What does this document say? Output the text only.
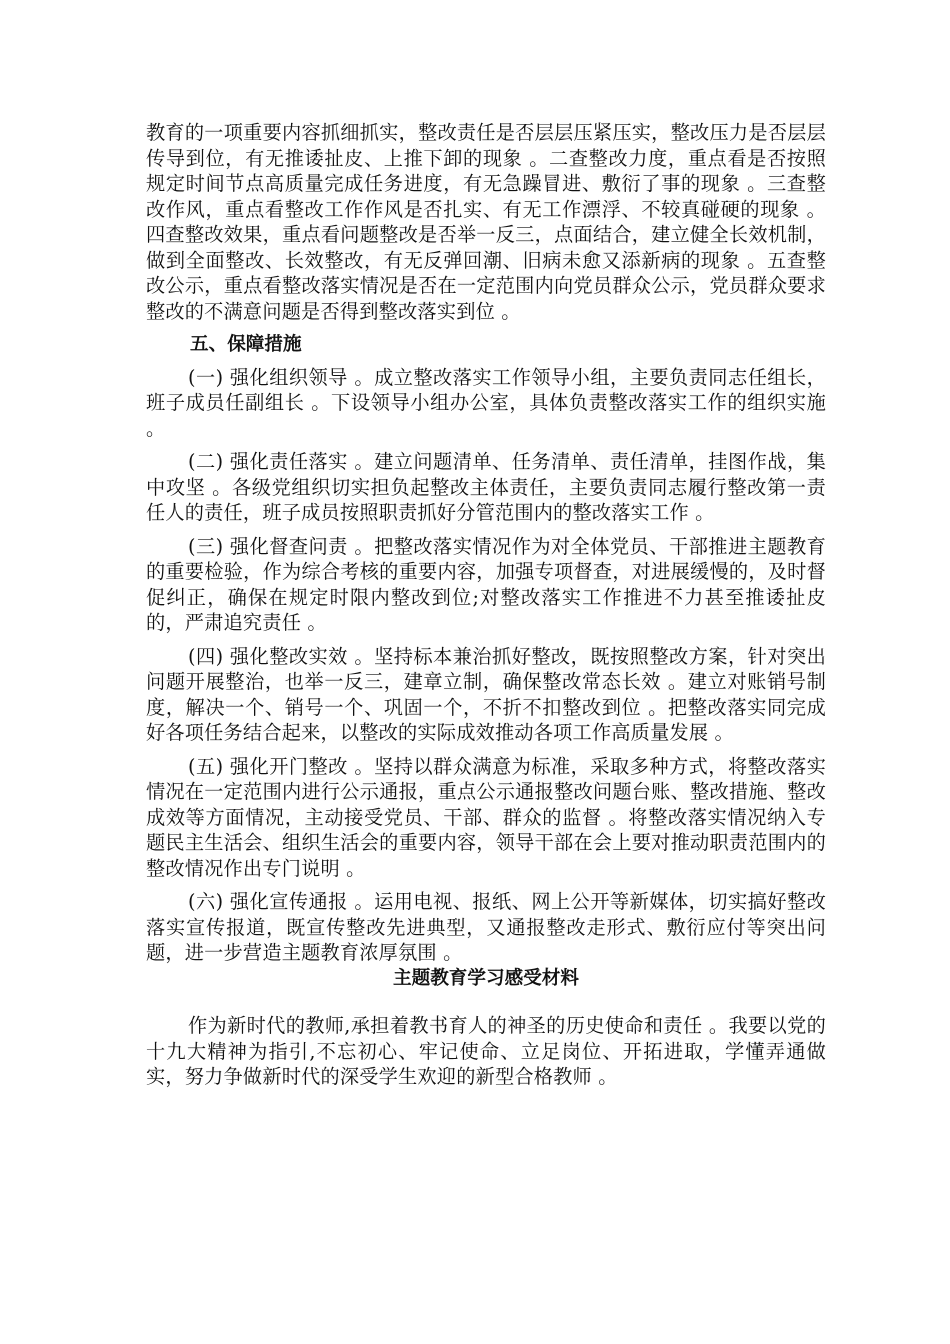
教育的一项重要内容抓细抓实，整改责任是否层层压紧压实，整改压力是否层层传导到位，有无推诿扯皮、上推下卸的现象 。二查整改力度，重点看是否按照规定时间节点高质量完成任务进度，有无急躁冒进、敷衍了事的现象 。三查整改作风，重点看整改工作作风是否扎实、有无工作漂浮、不较真碰硬的现象 。四查整改效果，重点看问题整改是否举一反三，点面结合，建立健全长效机制，做到全面整改、长效整改，有无反弹回潮、旧病未愈又添新病的现象 。五查整改公示，重点看整改落实情况是否在一定范围内向党员群众公示，党员群众要求整改的不满意问题是否得到整改落实到位 。

五、保障措施

(一) 强化组织领导 。成立整改落实工作领导小组，主要负责同志任组长，班子成员任副组长 。下设领导小组办公室，具体负责整改落实工作的组织实施 。

(二) 强化责任落实 。建立问题清单、任务清单、责任清单，挂图作战，集中攻坚 。各级党组织切实担负起整改主体责任，主要负责同志履行整改第一责任人的责任，班子成员按照职责抓好分管范围内的整改落实工作 。

(三) 强化督查问责 。把整改落实情况作为对全体党员、干部推进主题教育的重要检验，作为综合考核的重要内容，加强专项督查，对进展缓慢的，及时督促纠正，确保在规定时限内整改到位;对整改落实工作推进不力甚至推诿扯皮的，严肃追究责任 。

(四) 强化整改实效 。坚持标本兼治抓好整改，既按照整改方案，针对突出问题开展整治，也举一反三，建章立制，确保整改常态长效 。建立对账销号制度，解决一个、销号一个、巩固一个，不折不扣整改到位 。把整改落实同完成好各项任务结合起来，以整改的实际成效推动各项工作高质量发展 。

(五) 强化开门整改 。坚持以群众满意为标准，采取多种方式，将整改落实情况在一定范围内进行公示通报，重点公示通报整改问题台账、整改措施、整改成效等方面情况，主动接受党员、干部、群众的监督 。将整改落实情况纳入专题民主生活会、组织生活会的重要内容，领导干部在会上要对推动职责范围内的整改情况作出专门说明 。

(六) 强化宣传通报 。运用电视、报纸、网上公开等新媒体，切实搞好整改落实宣传报道，既宣传整改先进典型，又通报整改走形式、敷衍应付等突出问题，进一步营造主题教育浓厚氛围 。

主题教育学习感受材料

作为新时代的教师,承担着教书育人的神圣的历史使命和责任 。我要以党的十九大精神为指引,不忘初心、牢记使命、立足岗位、开拓进取，学懂弄通做实，努力争做新时代的深受学生欢迎的新型合格教师 。
